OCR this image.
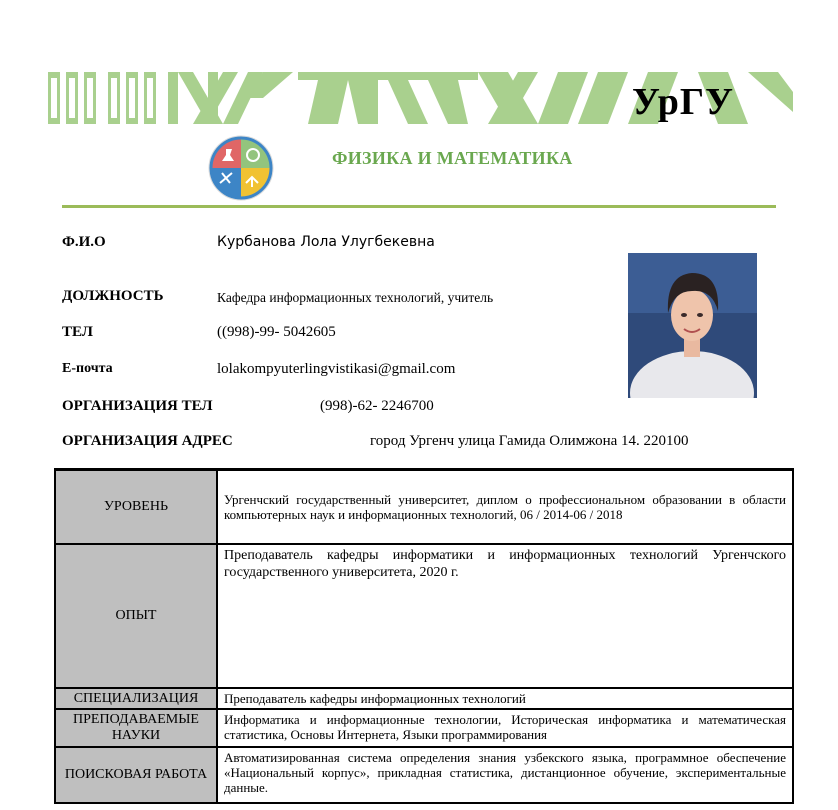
УрГУ
ФИЗИКА И МАТЕМАТИКА
Ф.И.О	Курбанова Лола Улугбекевна
ДОЛЖНОСТЬ	Кафедра информационных технологий, учитель
ТЕЛ	((998)-99- 5042605
E-почта	lolakompyuterlingvistikasi@gmail.com
ОРГАНИЗАЦИЯ ТЕЛ	(998)-62- 2246700
ОРГАНИЗАЦИЯ АДРЕС	город Ургенч улица Гамида Олимжона 14. 220100
УРОВЕНЬ	Ургенчский государственный университет, диплом о профессиональном образовании в области компьютерных наук и информационных технологий, 06 / 2014-06 / 2018
ОПЫТ	Преподаватель кафедры информатики и информационных технологий Ургенчского государственного университета, 2020 г.
СПЕЦИАЛИЗАЦИЯ	Преподаватель кафедры информационных технологий
ПРЕПОДАВАЕМЫЕ НАУКИ	Информатика и информационные технологии, Историческая информатика и математическая статистика, Основы Интернета, Языки программирования
ПОИСКОВАЯ РАБОТА	Автоматизированная система определения знания узбекского языка, программное обеспечение «Национальный корпус», прикладная статистика, дистанционное обучение, экспериментальные данные.
